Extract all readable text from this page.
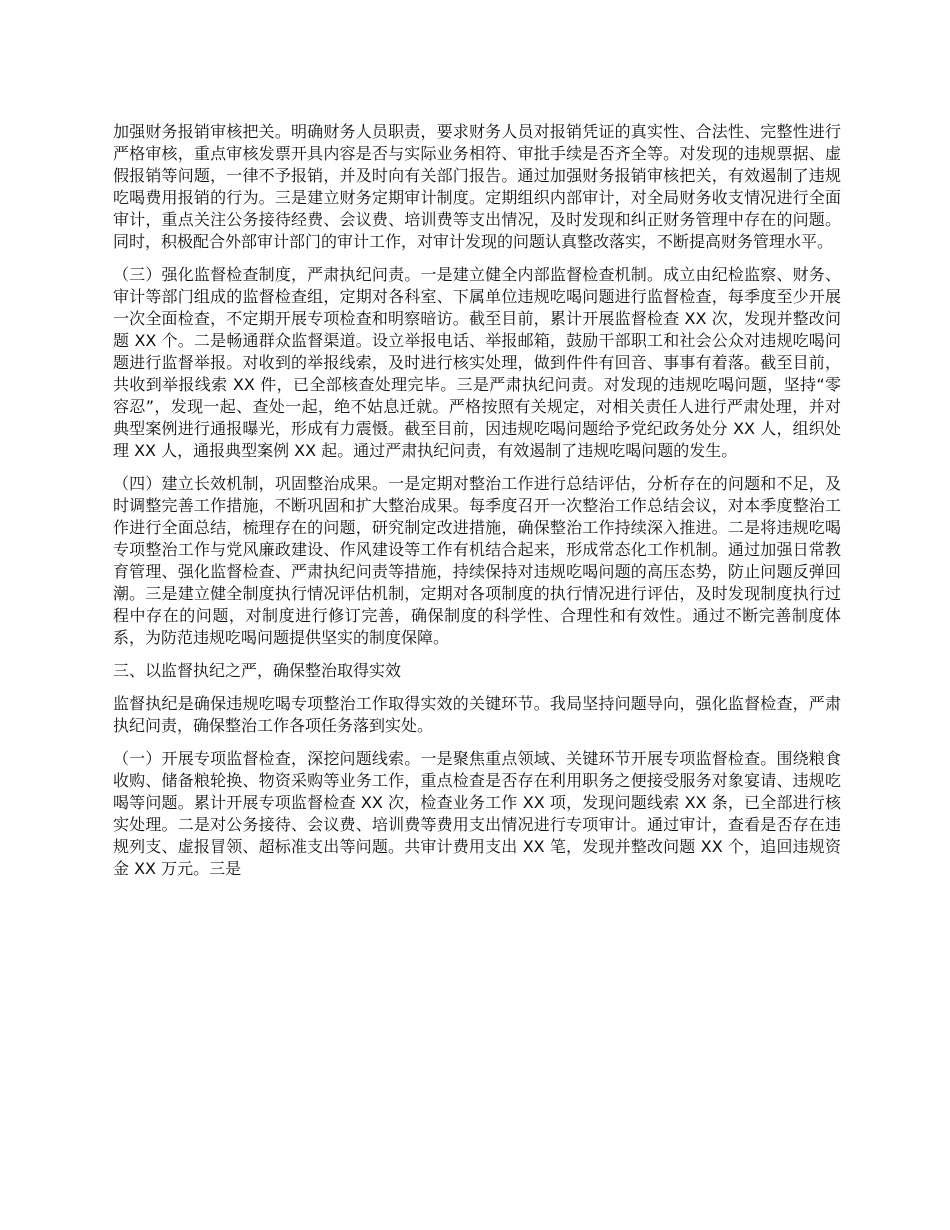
加强财务报销审核把关。明确财务人员职责，要求财务人员对报销凭证的真实性、合法性、完整性进行严格审核，重点审核发票开具内容是否与实际业务相符、审批手续是否齐全等。对发现的违规票据、虚假报销等问题，一律不予报销，并及时向有关部门报告。通过加强财务报销审核把关，有效遏制了违规吃喝费用报销的行为。三是建立财务定期审计制度。定期组织内部审计，对全局财务收支情况进行全面审计，重点关注公务接待经费、会议费、培训费等支出情况，及时发现和纠正财务管理中存在的问题。同时，积极配合外部审计部门的审计工作，对审计发现的问题认真整改落实，不断提高财务管理水平。

（三）强化监督检查制度，严肃执纪问责。一是建立健全内部监督检查机制。成立由纪检监察、财务、审计等部门组成的监督检查组，定期对各科室、下属单位违规吃喝问题进行监督检查，每季度至少开展一次全面检查，不定期开展专项检查和明察暗访。截至目前，累计开展监督检查 XX 次，发现并整改问题 XX 个。二是畅通群众监督渠道。设立举报电话、举报邮箱，鼓励干部职工和社会公众对违规吃喝问题进行监督举报。对收到的举报线索，及时进行核实处理，做到件件有回音、事事有着落。截至目前，共收到举报线索 XX 件，已全部核查处理完毕。三是严肃执纪问责。对发现的违规吃喝问题，坚持“零容忍”，发现一起、查处一起，绝不姑息迁就。严格按照有关规定，对相关责任人进行严肃处理，并对典型案例进行通报曝光，形成有力震慑。截至目前，因违规吃喝问题给予党纪政务处分 XX 人，组织处理 XX 人，通报典型案例 XX 起。通过严肃执纪问责，有效遏制了违规吃喝问题的发生。

（四）建立长效机制，巩固整治成果。一是定期对整治工作进行总结评估，分析存在的问题和不足，及时调整完善工作措施，不断巩固和扩大整治成果。每季度召开一次整治工作总结会议，对本季度整治工作进行全面总结，梳理存在的问题，研究制定改进措施，确保整治工作持续深入推进。二是将违规吃喝专项整治工作与党风廉政建设、作风建设等工作有机结合起来，形成常态化工作机制。通过加强日常教育管理、强化监督检查、严肃执纪问责等措施，持续保持对违规吃喝问题的高压态势，防止问题反弹回潮。三是建立健全制度执行情况评估机制，定期对各项制度的执行情况进行评估，及时发现制度执行过程中存在的问题，对制度进行修订完善，确保制度的科学性、合理性和有效性。通过不断完善制度体系，为防范违规吃喝问题提供坚实的制度保障。

三、以监督执纪之严，确保整治取得实效

监督执纪是确保违规吃喝专项整治工作取得实效的关键环节。我局坚持问题导向，强化监督检查，严肃执纪问责，确保整治工作各项任务落到实处。

（一）开展专项监督检查，深挖问题线索。一是聚焦重点领域、关键环节开展专项监督检查。围绕粮食收购、储备粮轮换、物资采购等业务工作，重点检查是否存在利用职务之便接受服务对象宴请、违规吃喝等问题。累计开展专项监督检查 XX 次，检查业务工作 XX 项，发现问题线索 XX 条，已全部进行核实处理。二是对公务接待、会议费、培训费等费用支出情况进行专项审计。通过审计，查看是否存在违规列支、虚报冒领、超标准支出等问题。共审计费用支出 XX 笔，发现并整改问题 XX 个，追回违规资金 XX 万元。三是
